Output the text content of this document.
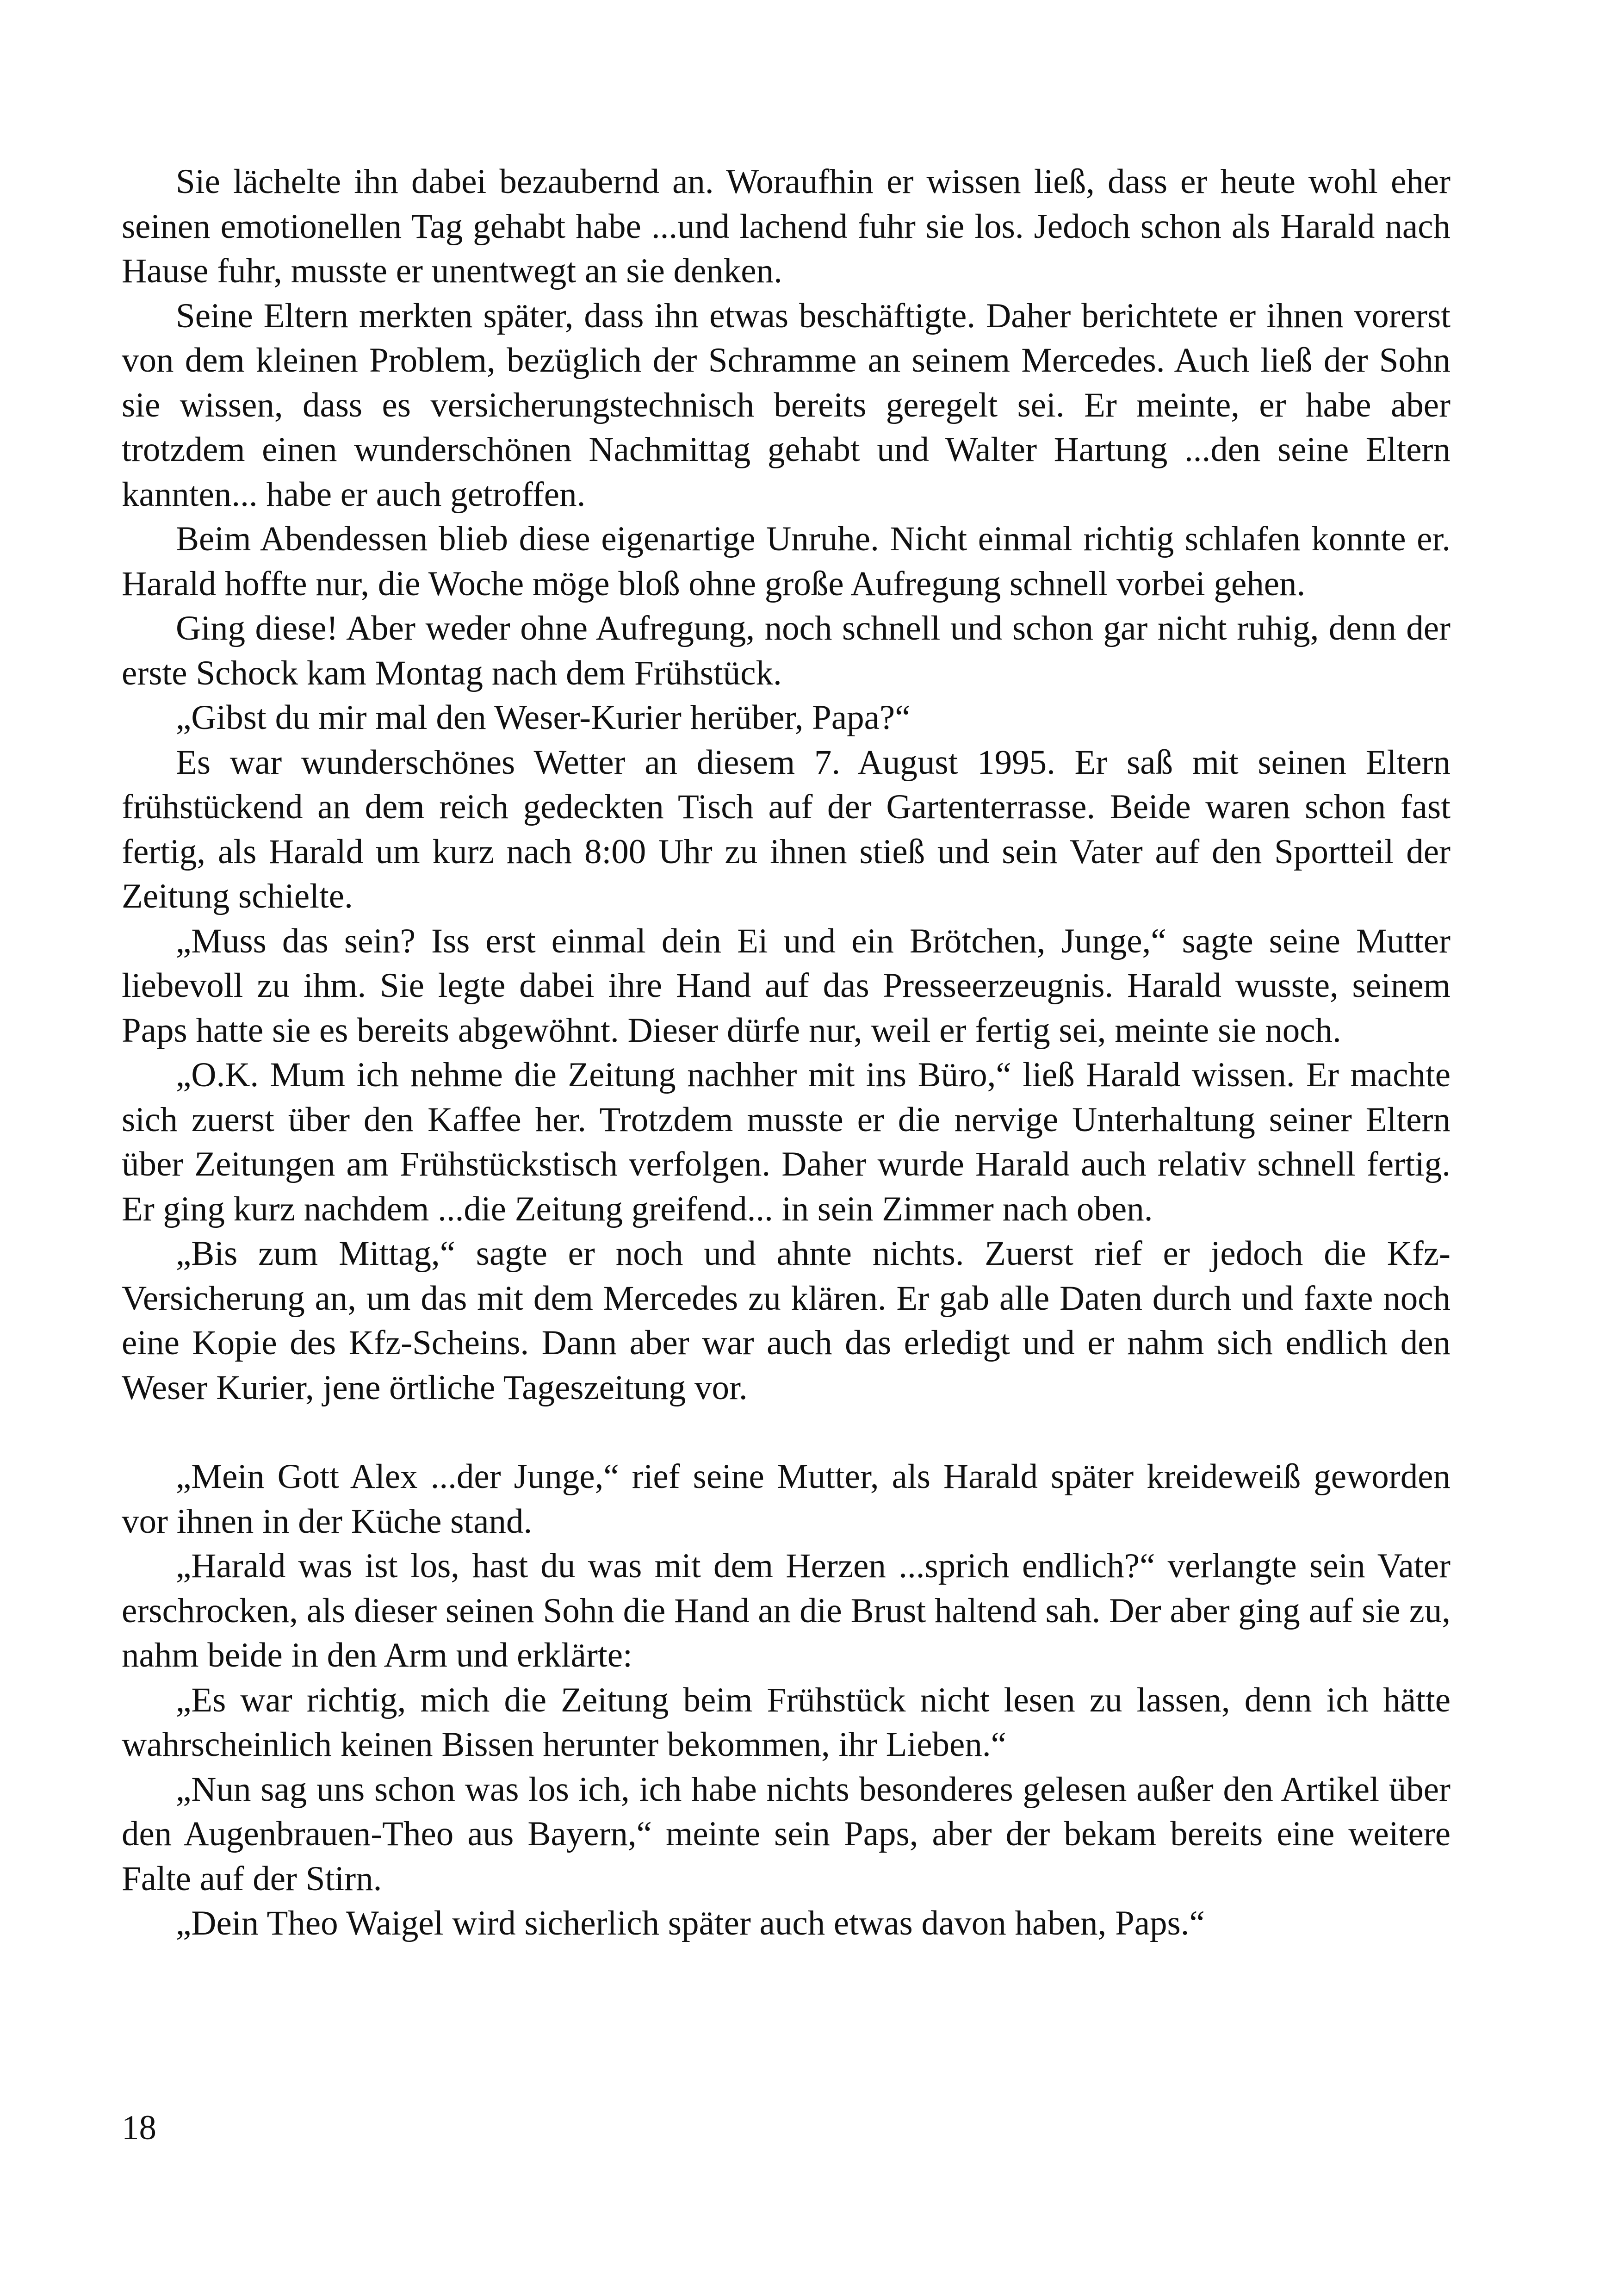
Sie lächelte ihn dabei bezaubernd an. Woraufhin er wissen ließ, dass er heute wohl eher seinen emotionellen Tag gehabt habe ...und lachend fuhr sie los. Jedoch schon als Harald nach Hause fuhr, musste er unentwegt an sie denken.

Seine Eltern merkten später, dass ihn etwas beschäftigte. Daher berichtete er ihnen vorerst von dem kleinen Problem, bezüglich der Schramme an seinem Mercedes. Auch ließ der Sohn sie wissen, dass es versicherungstechnisch bereits geregelt sei. Er meinte, er habe aber trotzdem einen wunderschönen Nachmittag gehabt und Walter Hartung ...den seine Eltern kannten... habe er auch getroffen.

Beim Abendessen blieb diese eigenartige Unruhe. Nicht einmal richtig schlafen konnte er. Harald hoffte nur, die Woche möge bloß ohne große Aufregung schnell vorbei gehen.

Ging diese! Aber weder ohne Aufregung, noch schnell und schon gar nicht ruhig, denn der erste Schock kam Montag nach dem Frühstück.

„Gibst du mir mal den Weser-Kurier herüber, Papa?“

Es war wunderschönes Wetter an diesem 7. August 1995. Er saß mit seinen Eltern frühstückend an dem reich gedeckten Tisch auf der Gartenterrasse. Beide waren schon fast fertig, als Harald um kurz nach 8:00 Uhr zu ihnen stieß und sein Vater auf den Sportteil der Zeitung schielte.

„Muss das sein? Iss erst einmal dein Ei und ein Brötchen, Junge,“ sagte seine Mutter liebevoll zu ihm. Sie legte dabei ihre Hand auf das Presseerzeugnis. Harald wusste, seinem Paps hatte sie es bereits abgewöhnt. Dieser dürfe nur, weil er fertig sei, meinte sie noch.

„O.K. Mum ich nehme die Zeitung nachher mit ins Büro,“ ließ Harald wissen. Er machte sich zuerst über den Kaffee her. Trotzdem musste er die nervige Unterhaltung seiner Eltern über Zeitungen am Frühstückstisch verfolgen. Daher wurde Harald auch relativ schnell fertig. Er ging kurz nachdem ...die Zeitung greifend... in sein Zimmer nach oben.

„Bis zum Mittag,“ sagte er noch und ahnte nichts. Zuerst rief er jedoch die Kfz-Versicherung an, um das mit dem Mercedes zu klären. Er gab alle Daten durch und faxte noch eine Kopie des Kfz-Scheins. Dann aber war auch das erledigt und er nahm sich endlich den Weser Kurier, jene örtliche Tageszeitung vor.

„Mein Gott Alex ...der Junge,“ rief seine Mutter, als Harald später kreideweiß geworden vor ihnen in der Küche stand.

„Harald was ist los, hast du was mit dem Herzen ...sprich endlich?“ verlangte sein Vater erschrocken, als dieser seinen Sohn die Hand an die Brust haltend sah. Der aber ging auf sie zu, nahm beide in den Arm und erklärte:

„Es war richtig, mich die Zeitung beim Frühstück nicht lesen zu lassen, denn ich hätte wahrscheinlich keinen Bissen herunter bekommen, ihr Lieben.“

„Nun sag uns schon was los ich, ich habe nichts besonderes gelesen außer den Artikel über den Augenbrauen-Theo aus Bayern,“ meinte sein Paps, aber der bekam bereits eine weitere Falte auf der Stirn.

„Dein Theo Waigel wird sicherlich später auch etwas davon haben, Paps.“

18
